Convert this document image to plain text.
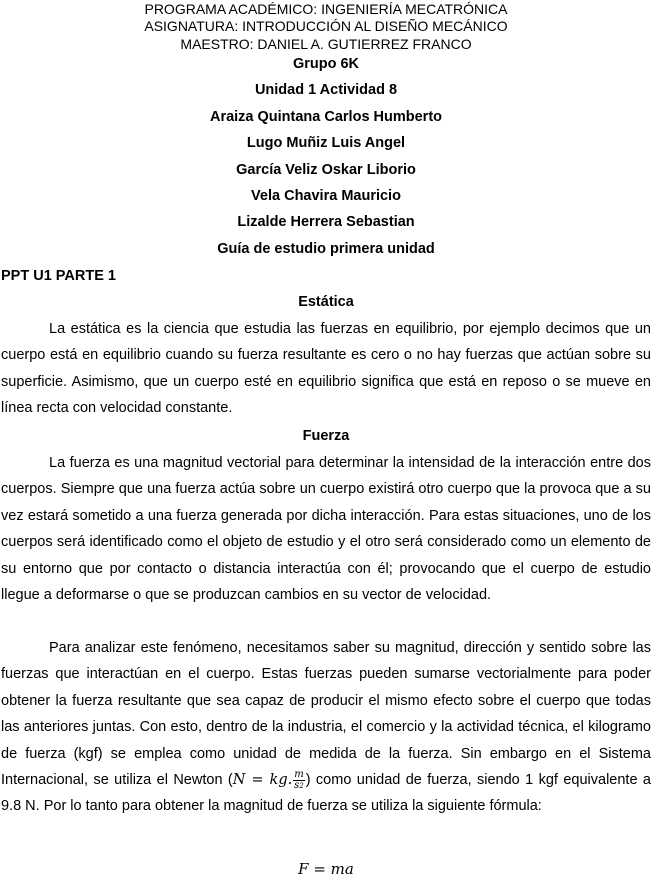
PROGRAMA ACADÉMICO: INGENIERÍA MECATRÓNICA
ASIGNATURA: INTRODUCCIÓN AL DISEÑO MECÁNICO
MAESTRO: DANIEL A. GUTIERREZ FRANCO
Grupo 6K
Unidad 1 Actividad 8
Araiza Quintana Carlos Humberto
Lugo Muñiz Luis Angel
García Veliz Oskar Liborio
Vela Chavira Mauricio
Lizalde Herrera Sebastian
Guía de estudio primera unidad
PPT U1 PARTE 1
Estática

La estática es la ciencia que estudia las fuerzas en equilibrio, por ejemplo decimos que un cuerpo está en equilibrio cuando su fuerza resultante es cero o no hay fuerzas que actúan sobre su superficie. Asimismo, que un cuerpo esté en equilibrio significa que está en reposo o se mueve en línea recta con velocidad constante.

Fuerza

La fuerza es una magnitud vectorial para determinar la intensidad de la interacción entre dos cuerpos. Siempre que una fuerza actúa sobre un cuerpo existirá otro cuerpo que la provoca que a su vez estará sometido a una fuerza generada por dicha interacción. Para estas situaciones, uno de los cuerpos será identificado como el objeto de estudio y el otro será considerado como un elemento de su entorno que por contacto o distancia interactúa con él; provocando que el cuerpo de estudio llegue a deformarse o que se produzcan cambios en su vector de velocidad.

Para analizar este fenómeno, necesitamos saber su magnitud, dirección y sentido sobre las fuerzas que interactúan en el cuerpo. Estas fuerzas pueden sumarse vectorialmente para poder obtener la fuerza resultante que sea capaz de producir el mismo efecto sobre el cuerpo que todas las anteriores juntas. Con esto, dentro de la industria, el comercio y la actividad técnica, el kilogramo de fuerza (kgf) se emplea como unidad de medida de la fuerza. Sin embargo en el Sistema Internacional, se utiliza el Newton (N = kg. $\frac{m}{s^2}$ ) como unidad de fuerza, siendo 1 kgf equivalente a 9.8 N. Por lo tanto para obtener la magnitud de fuerza se utiliza la siguiente fórmula:

F = ma
